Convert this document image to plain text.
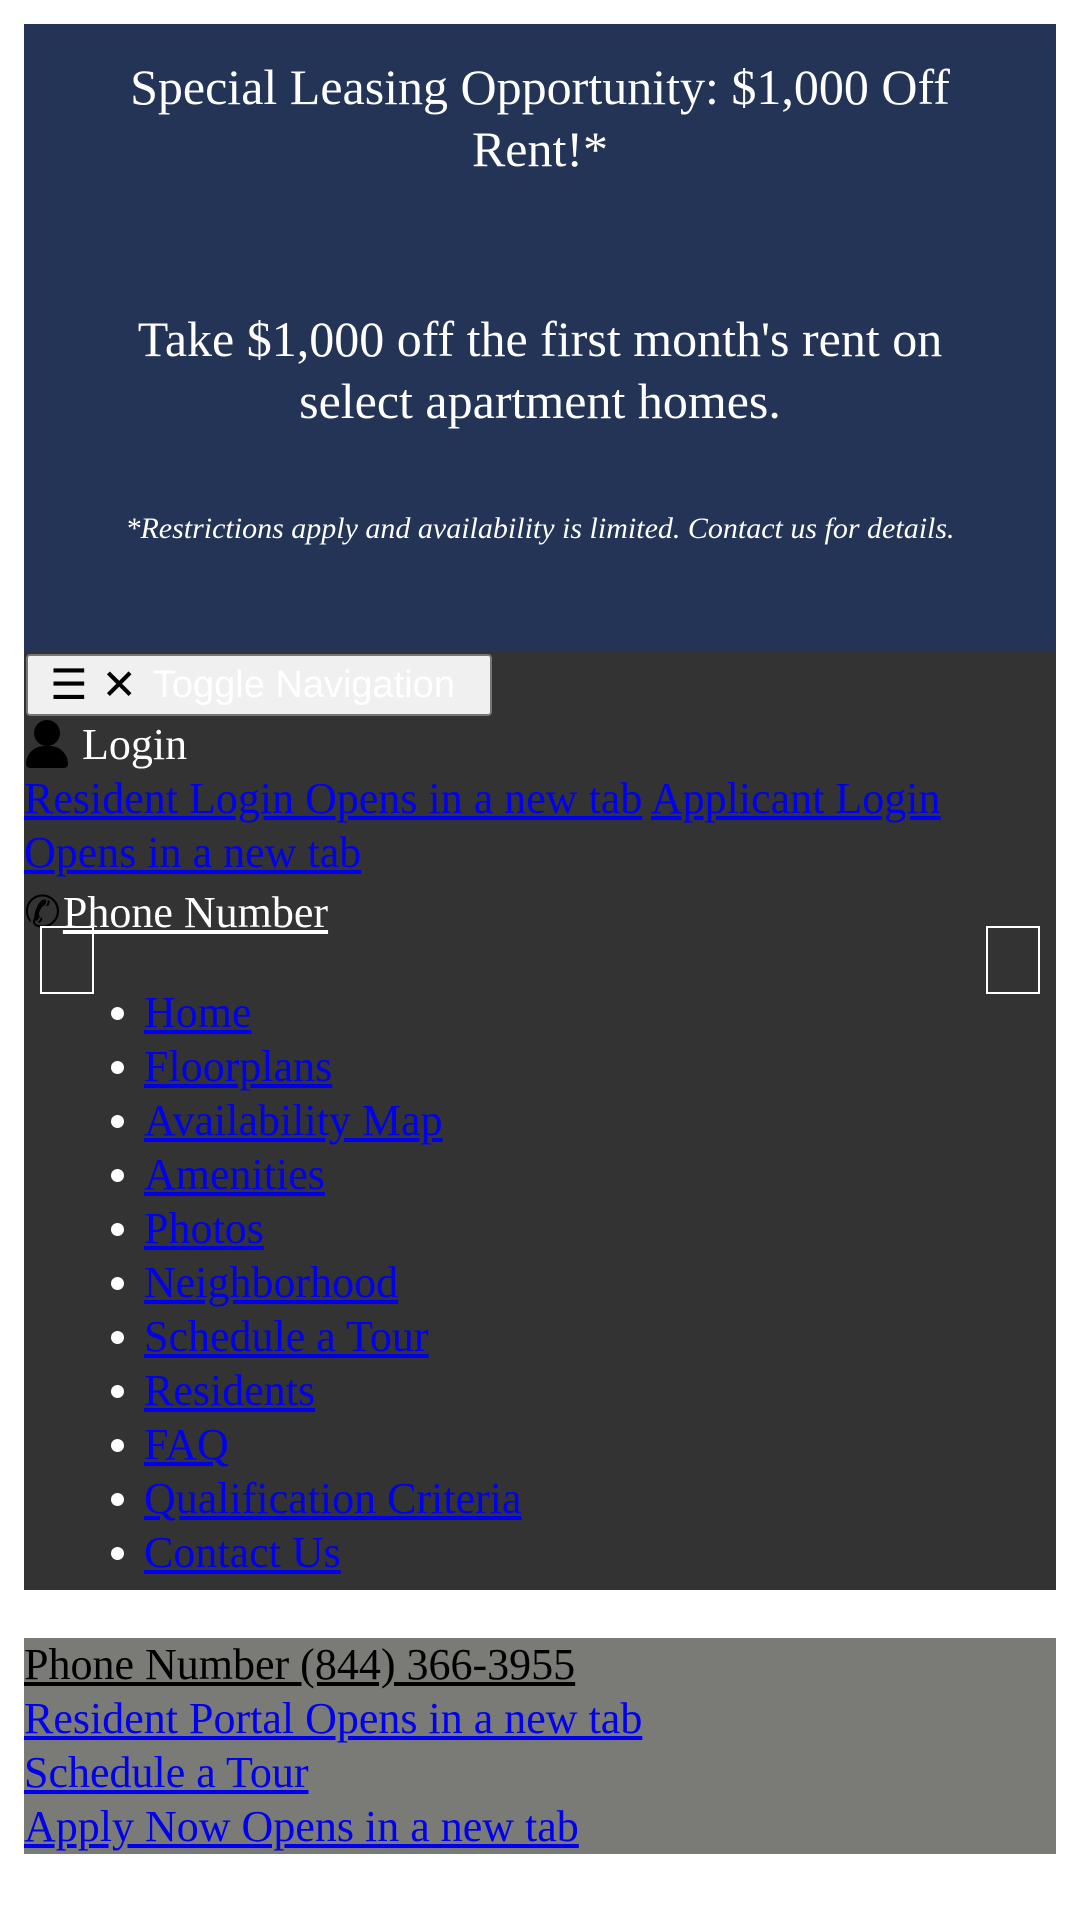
Special Leasing Opportunity: $1,000 Off Rent!*
Take $1,000 off the first month's rent on select apartment homes.
*Restrictions apply and availability is limited. Contact us for details.
☰ ✕ Toggle Navigation
Login
Resident Login Opens in a new tab Applicant Login Opens in a new tab
✆ Phone Number
• Home
• Floorplans
• Availability Map
• Amenities
• Photos
• Neighborhood
• Schedule a Tour
• Residents
• FAQ
• Qualification Criteria
• Contact Us
Phone Number (844) 366-3955
Resident Portal Opens in a new tab
Schedule a Tour
Apply Now Opens in a new tab
